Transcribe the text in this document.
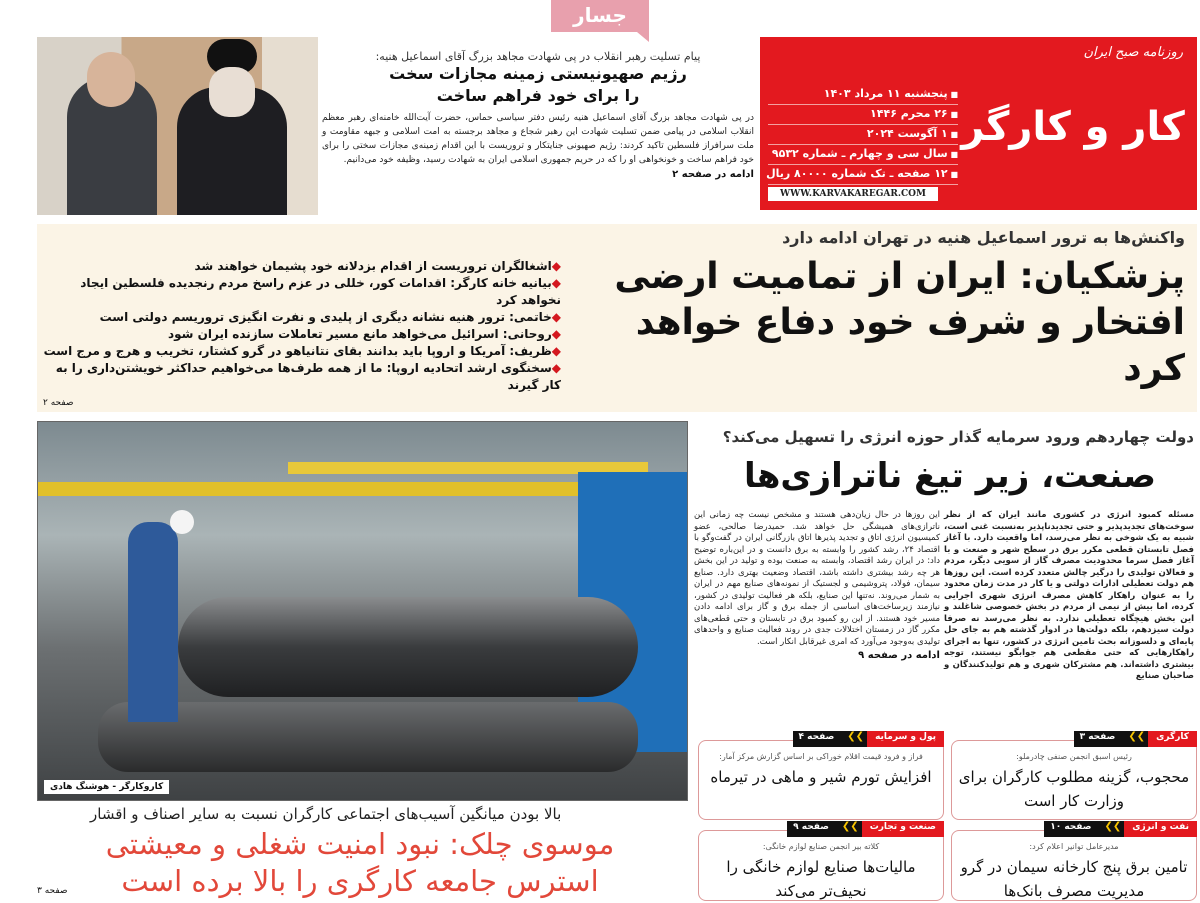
جسار
پیام تسلیت رهبر انقلاب در پی شهادت مجاهد بزرگ آقای اسماعیل هنیه:
رژیم صهیونیستی زمینه مجازات سخت را برای خود فراهم ساخت
در پی شهادت مجاهد بزرگ آقای اسماعیل هنیه رئیس دفتر سیاسی حماس، حضرت آیت‌الله خامنه‌ای رهبر معظم انقلاب اسلامی در پیامی ضمن تسلیت شهادت این رهبر شجاع و مجاهد برجسته به امت اسلامی و جبهه مقاومت و ملت سرافراز فلسطین تاکید کردند: رژیم صهیونی جنایتکار و تروریست با این اقدام زمینه‌ی مجازات سختی را برای خود فراهم ساخت و خونخواهی او را که در حریم جمهوری اسلامی ایران به شهادت رسید، وظیفه خود می‌دانیم.
ادامه در صفحه ۲
روزنامه صبح ایران
کار و کارگر
■ پنجشنبه ۱۱ مرداد ۱۴۰۳
■ ۲۶ محرم ۱۴۴۶
■ ۱ آگوست ۲۰۲۴
■ سال سی و چهارم ـ شماره ۹۵۳۲
■ ۱۲ صفحه ـ تک شماره ۸۰۰۰۰ ریال
WWW.KARVAKAREGAR.COM
واکنش‌ها به ترور اسماعیل هنیه در تهران ادامه دارد
پزشکیان: ایران از تمامیت ارضی افتخار و شرف خود دفاع خواهد کرد
◆اشغالگران تروریست از اقدام بزدلانه خود پشیمان خواهند شد
◆بیانیه خانه کارگر: اقدامات کور، خللی در عزم راسخ مردم رنجدیده فلسطین ایجاد نخواهد کرد
◆خاتمی: ترور هنیه نشانه دیگری از پلیدی و نفرت انگیزی تروریسم دولتی است
◆روحانی: اسرائیل می‌خواهد مانع مسیر تعاملات سازنده ایران شود
◆ظریف: آمریکا و اروپا باید بدانند بقای نتانیاهو در گرو کشتار، تخریب و هرج و مرج است
◆سخنگوی ارشد اتحادیه اروپا: ما از همه طرف‌ها می‌خواهیم حداکثر خویشتن‌داری را به کار گیرند
صفحه ۲
کاروکارگر - هوشنگ هادی
بالا بودن میانگین آسیب‌های اجتماعی کارگران نسبت به سایر اصناف و اقشار
موسوی چلک: نبود امنیت شغلی و معیشتی استرس جامعه کارگری را بالا برده است
صفحه ۳
دولت چهاردهم ورود سرمایه گذار حوزه انرژی را تسهیل می‌کند؟
صنعت، زیر تیغ ناترازی‌ها
مسئله کمبود انرژی در کشوری مانند ایران که از نظر سوخت‌های تجدیدپذیر و حتی تجدیدناپذیر به‌نسبت غنی است، شبیه به یک شوخی به نظر می‌رسد، اما واقعیت دارد. با آغاز فصل تابستان قطعی مکرر برق در سطح شهر و صنعت و با آغاز فصل سرما محدودیت مصرف گاز از سویی دیگر، مردم و فعالان تولیدی را درگیر چالش متعدد کرده است. این روزها هم دولت تعطیلی ادارات دولتی و یا کار در مدت زمان محدود را به عنوان راهکار کاهش مصرف انرژی شهری اجرایی کرده، اما بیش از نیمی از مردم در بخش خصوصی شاغلند و این بخش هیچگاه تعطیلی ندارد. به نظر می‌رسد نه صرفا دولت سیزدهم، بلکه دولت‌ها در ادوار گذشته هم به جای حل پایه‌ای و دلسوزانه بحث تامین انرژی در کشور، تنها به اجرای راهکارهایی که حتی مقطعی هم جوابگو نیستند، توجه بیشتری داشته‌اند. هم مشترکان شهری و هم تولیدکنندگان و صاحبان صنایع
این روزها در حال زیان‌دهی هستند و مشخص نیست چه زمانی این ناترازی‌های همیشگی حل خواهد شد. حمیدرضا صالحی، عضو کمیسیون انرژی اتاق و تجدید پذیرها اتاق بازرگانی ایران در گفت‌وگو با اقتصاد ۲۴، رشد کشور را وابسته به برق دانست و در این‌باره توضیح داد: در ایران رشد اقتصاد، وابسته به صنعت بوده و تولید در این بخش هر چه رشد بیشتری داشته باشد، اقتصاد وضعیت بهتری دارد. صنایع سیمان، فولاد، پتروشیمی و لجستیک از نمونه‌های صنایع مهم در ایران به شمار می‌روند. نه‌تنها این صنایع، بلکه هر فعالیت تولیدی در کشور، نیازمند زیرساخت‌های اساسی از جمله برق و گاز برای ادامه دادن مسیر خود هستند. از این رو کمبود برق در تابستان و حتی قطعی‌های مکرر گاز در زمستان اختلالات جدی در روند فعالیت صنایع و واحدهای تولیدی به‌وجود می‌آورد که امری غیرقابل انکار است.
ادامه در صفحه ۹
کارگری
❯❯
صفحه ۳
رئیس اسبق انجمن صنفی چادرملو:
محجوب، گزینه مطلوب کارگران برای وزارت کار است
پول و سرمایه
❯❯
صفحه ۴
فراز و فرود قیمت اقلام خوراکی بر اساس گزارش مرکز آمار:
افزایش تورم شیر و ماهی در تیرماه
نفت و انرژی
❯❯
صفحه ۱۰
مدیرعامل توانیر اعلام کرد:
تامین برق پنج کارخانه سیمان در گرو مدیریت مصرف بانک‌ها
صنعت و تجارت
❯❯
صفحه ۹
کلاته بیر انجمن صنایع لوازم خانگی:
مالیات‌ها صنایع لوازم خانگی را نحیف‌تر می‌کند
